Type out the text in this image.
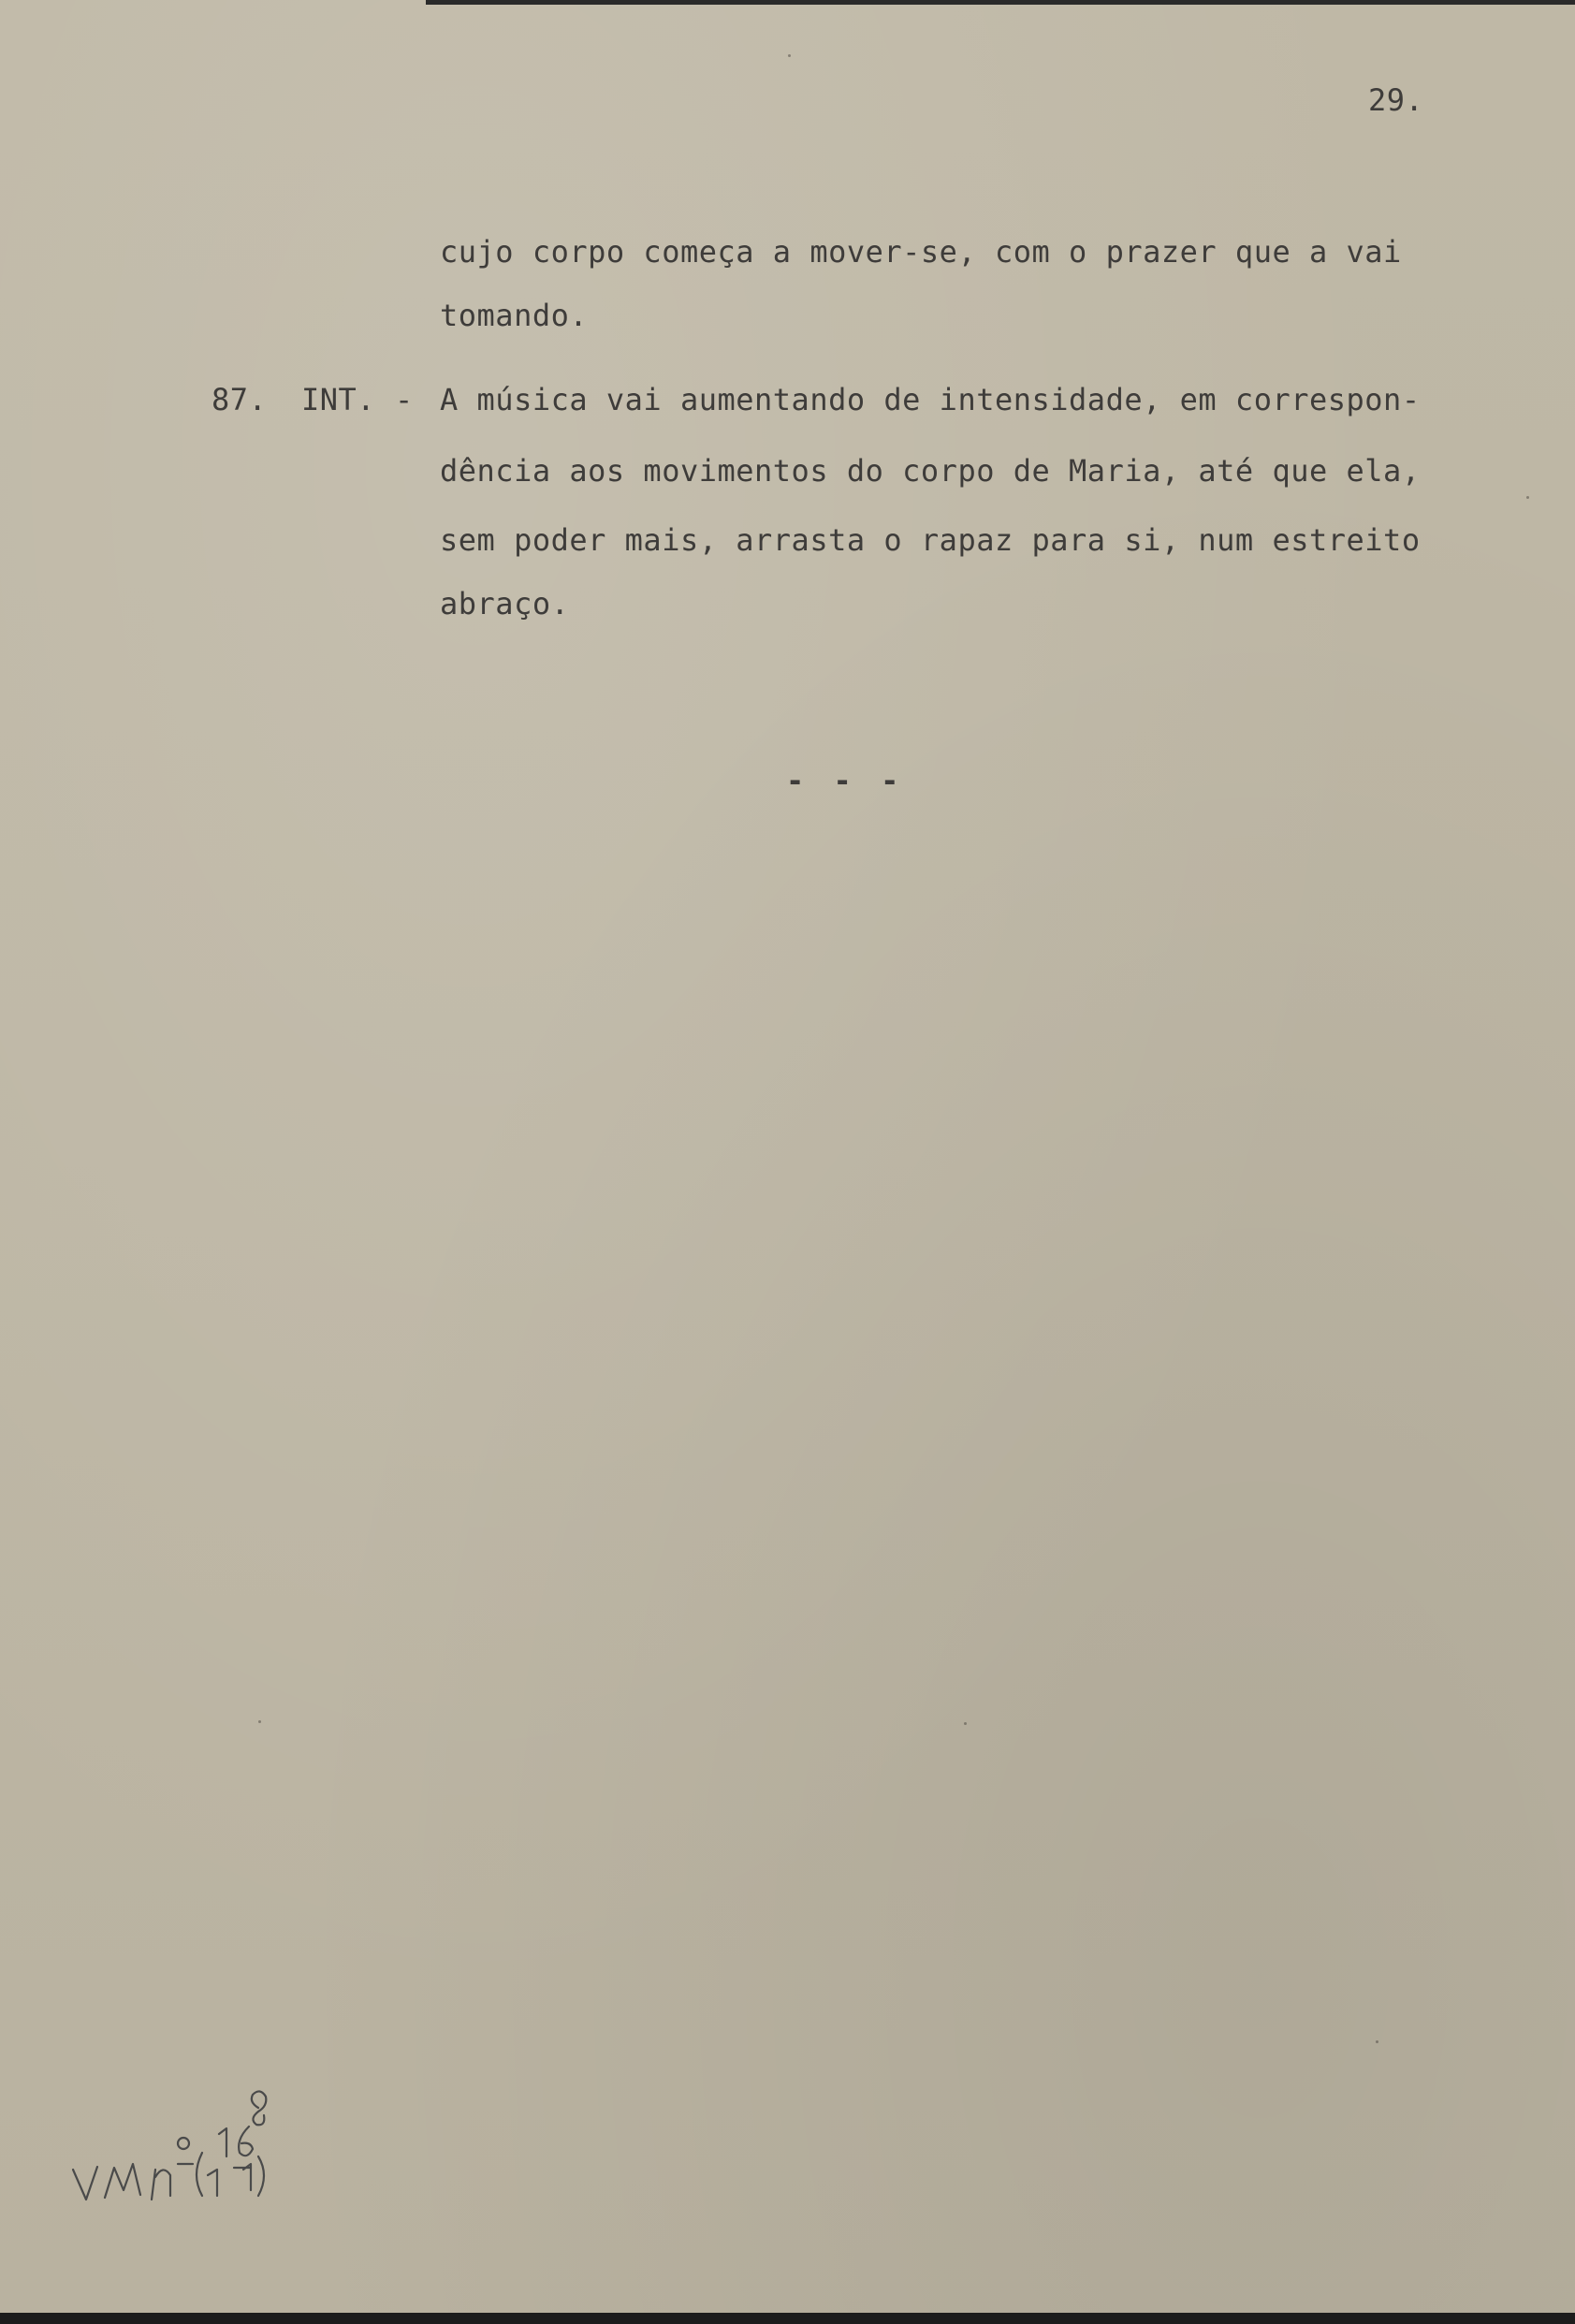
29.
cujo corpo começa a mover-se, com o prazer que a vai
tomando.
87. INT. - A música vai aumentando de intensidade, em correspon-
dência aos movimentos do corpo de Maria, até que ela,
sem poder mais, arrasta o rapaz para si, num estreito
abraço.
- - -
